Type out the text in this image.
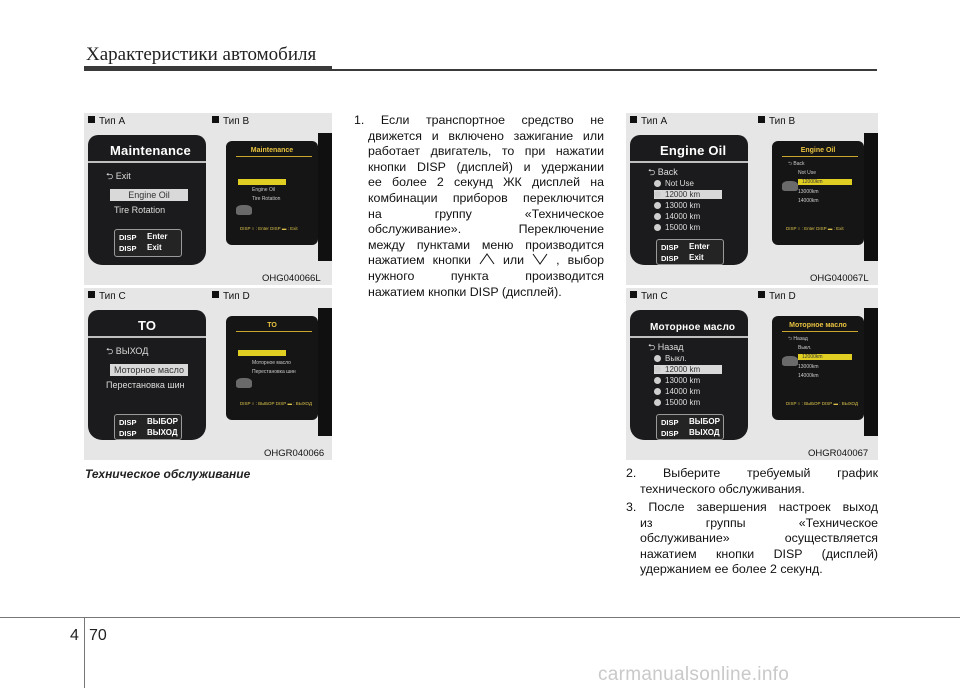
Характеристики автомобиля
Тип A	Тип B
Maintenance
⮌ Exit
Engine Oil
Tire Rotation
DISP Enter
DISP Exit
Maintenance
Engine Oil
Tire Rotation
DISP ○ : Enter DISP ▬ : Exit
OHG040066L
Тип C	Тип D
ТО
⮌ ВЫХОД
Моторное масло
Перестановка шин
DISP ВЫБОР
DISP ВЫХОД
ТО
Моторное масло
Перестановка шин
DISP ○ : ВЫБОР DISP ▬ : ВЫХОД
OHGR040066
Техническое обслуживание
1. Если транспортное средство не
движется и включено зажигание или
работает двигатель, то при нажатии
кнопки DISP (дисплей) и удержании
ее более 2 секунд ЖК дисплей на
комбинации приборов переключится
на группу «Техническое
обслуживание». Переключение
между пунктами меню производится
нажатием кнопки	или	, выбор
нужного пункта производится
нажатием кнопки DISP (дисплей).
Тип A	Тип B
Engine Oil
⮌ Back
Not Use
12000 km
13000 km
14000 km
15000 km
DISP Enter
DISP Exit
Engine Oil
⮌ Back
Not Use
12000km
13000km
14000km
DISP ○ : Enter DISP ▬ : Exit
OHG040067L
Тип C	Тип D
Моторное масло
⮌ Назад
Выкл.
12000 km
13000 km
14000 km
15000 km
DISP ВЫБОР
DISP ВЫХОД
Моторное масло
⮌ Назад
Выкл.
12000km
13000km
14000km
DISP ○ : ВЫБОР DISP ▬ : ВЫХОД
OHGR040067
2. Выберите требуемый график
технического обслуживания.
3. После завершения настроек выход
из группы «Техническое
обслуживание» осуществляется
нажатием кнопки DISP (дисплей)
удержанием ее более 2 секунд.
4 70
carmanualsonline.info
